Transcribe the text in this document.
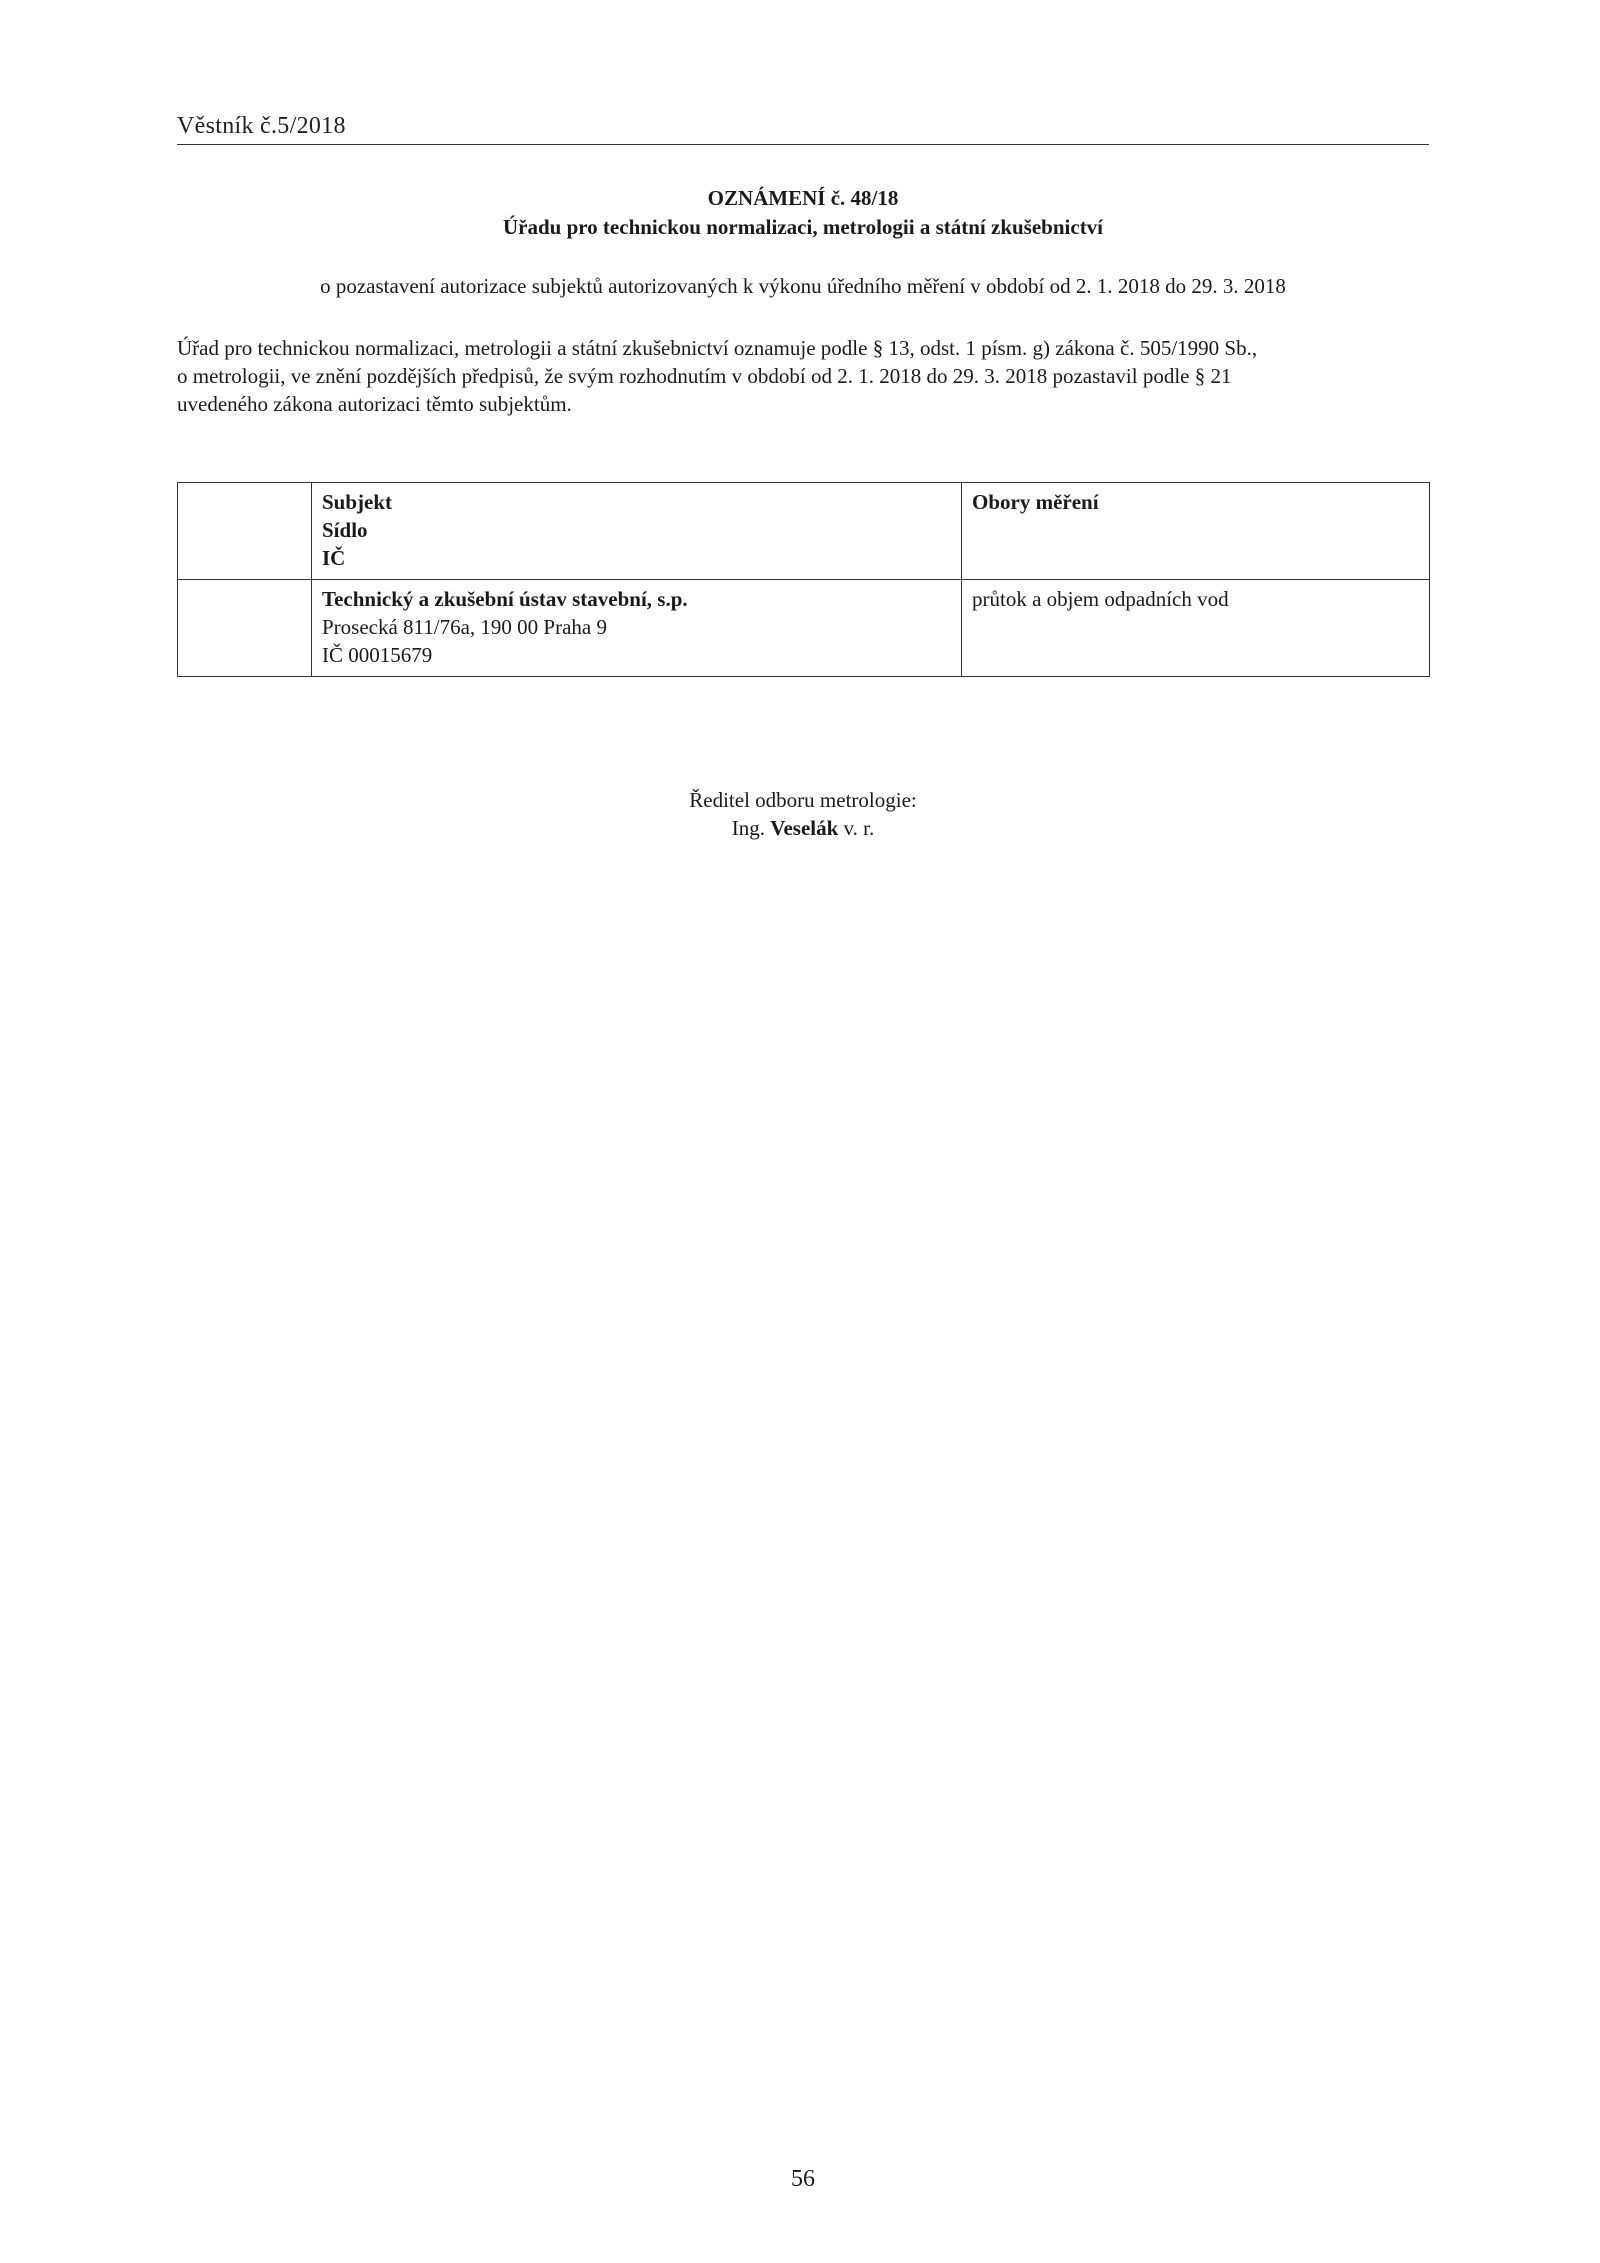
Věstník č.5/2018
OZNÁMENÍ č. 48/18
Úřadu pro technickou normalizaci, metrologii a státní zkušebnictví
o pozastavení autorizace subjektů autorizovaných k výkonu úředního měření v období od 2. 1. 2018 do 29. 3. 2018
Úřad pro technickou normalizaci, metrologii a státní zkušebnictví oznamuje podle § 13, odst. 1 písm. g) zákona č. 505/1990 Sb.,
o metrologii, ve znění pozdějších předpisů, že svým rozhodnutím v období od 2. 1. 2018 do 29. 3. 2018 pozastavil podle § 21
uvedeného zákona autorizaci těmto subjektům.

	Subjekt
Sídlo
IČ	Obory měření

	Technický a zkušební ústav stavební, s.p.
Prosecká 811/76a, 190 00 Praha 9
IČ 00015679	průtok a objem odpadních vod
Ředitel odboru metrologie:
Ing. Veselák v. r.
56
